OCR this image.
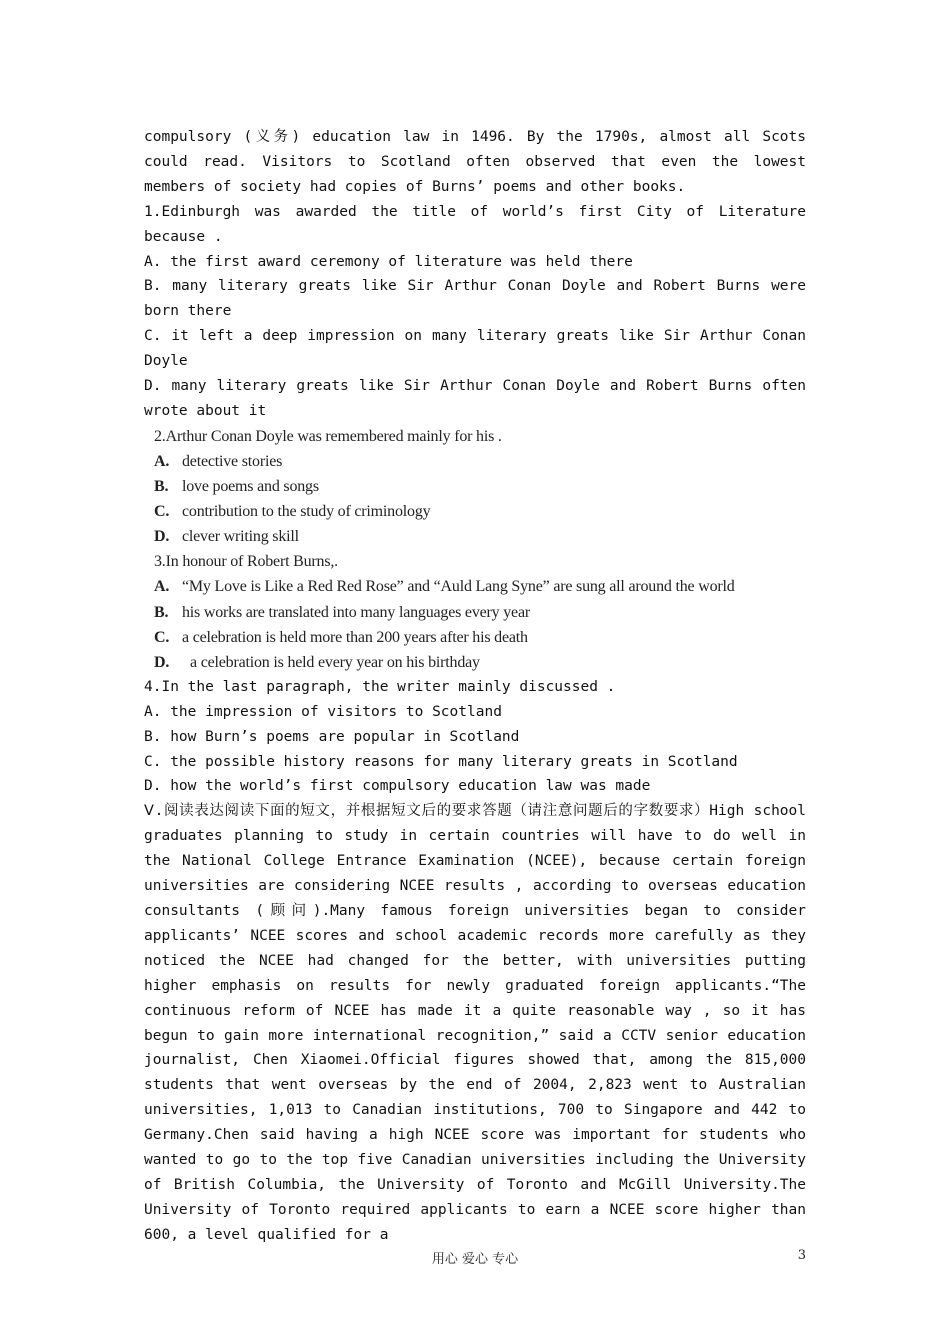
compulsory (义务) education law in 1496. By the 1790s, almost all Scots could read. Visitors to Scotland often observed that even the lowest members of society had copies of Burns’ poems and other books.

1.Edinburgh was awarded the title of world’s first City of Literature because .

A. the first award ceremony of literature was held there

B. many literary greats like Sir Arthur Conan Doyle and Robert Burns were born there

C. it left a deep impression on many literary greats like Sir Arthur Conan Doyle

D. many literary greats like Sir Arthur Conan Doyle and Robert Burns often wrote about it

2.Arthur Conan Doyle was remembered mainly for his .

A. detective stories

B. love poems and songs

C. contribution to the study of criminology

D. clever writing skill

3.In honour of Robert Burns,.

A. “My Love is Like a Red Red Rose” and “Auld Lang Syne” are sung all around the world

B. his works are translated into many languages every year

C. a celebration is held more than 200 years after his death

D. a celebration is held every year on his birthday

4.In the last paragraph, the writer mainly discussed .

A. the impression of visitors to Scotland

B. how Burn’s poems are popular in Scotland

C. the possible history reasons for many literary greats in Scotland

D. how the world’s first compulsory education law was made

Ⅴ.阅读表达阅读下面的短文，并根据短文后的要求答题（请注意问题后的字数要求）High school graduates planning to study in certain countries will have to do well in the National College Entrance Examination (NCEE), because certain foreign universities are considering NCEE results , according to overseas education consultants (顾问).Many famous foreign universities began to consider applicants’ NCEE scores and school academic records more carefully as they noticed the NCEE had changed for the better, with universities putting higher emphasis on results for newly graduated foreign applicants.“The continuous reform of NCEE has made it a quite reasonable way , so it has begun to gain more international recognition,” said a CCTV senior education journalist, Chen Xiaomei.Official figures showed that, among the 815,000 students that went overseas by the end of 2004, 2,823 went to Australian universities, 1,013 to Canadian institutions, 700 to Singapore and 442 to Germany.Chen said having a high NCEE score was important for students who wanted to go to the top five Canadian universities including the University of British Columbia, the University of Toronto and McGill University.The University of Toronto required applicants to earn a NCEE score higher than 600, a level qualified for a

用心 爱心 专心	3
